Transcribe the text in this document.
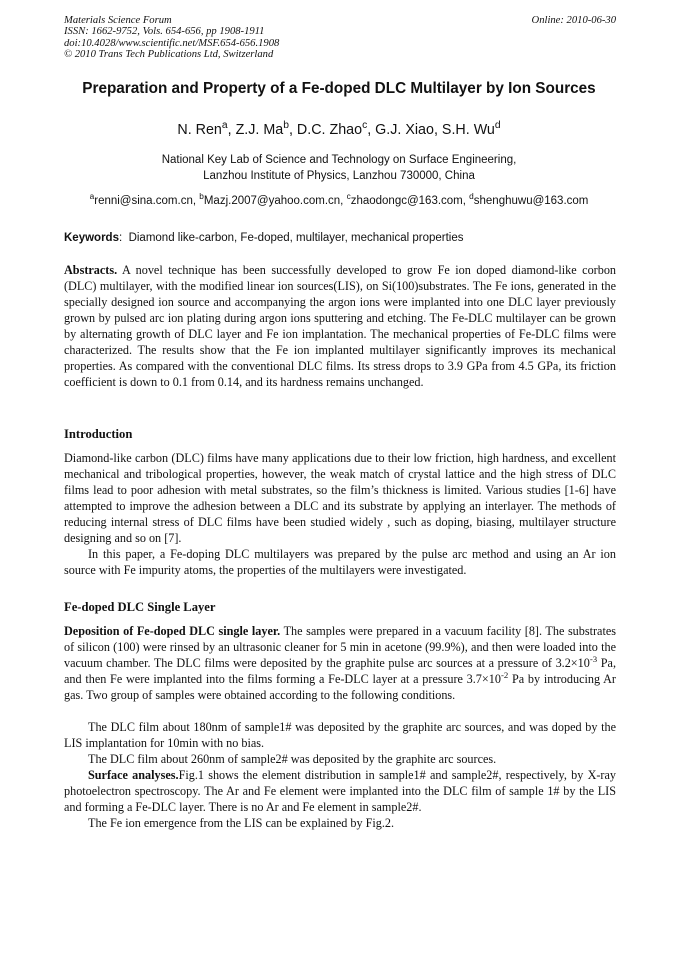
Materials Science Forum
ISSN: 1662-9752, Vols. 654-656, pp 1908-1911
doi:10.4028/www.scientific.net/MSF.654-656.1908
© 2010 Trans Tech Publications Ltd, Switzerland
Online: 2010-06-30
Preparation and Property of a Fe-doped DLC Multilayer by Ion Sources
N. Ren$^a$, Z.J. Ma$^b$, D.C. Zhao$^c$, G.J. Xiao, S.H. Wu$^d$
National Key Lab of Science and Technology on Surface Engineering,
Lanzhou Institute of Physics, Lanzhou 730000, China
$^a$renni@sina.com.cn, $^b$Mazj.2007@yahoo.com.cn, $^c$zhaodongc@163.com, $^d$shenghuwu@163.com
Keywords:  Diamond like-carbon, Fe-doped, multilayer, mechanical properties
Abstracts. A novel technique has been successfully developed to grow Fe ion doped diamond-like corbon (DLC) multilayer, with the modified linear ion sources(LIS), on Si(100)substrates. The Fe ions, generated in the specially designed ion source and accompanying the argon ions were implanted into one DLC layer previously grown by pulsed arc ion plating during argon ions sputtering and etching. The Fe-DLC multilayer can be grown by alternating growth of DLC layer and Fe ion implantation. The mechanical properties of Fe-DLC films were characterized. The results show that the Fe ion implanted multilayer significantly improves its mechanical properties. As compared with the conventional DLC films. Its stress drops to 3.9 GPa from 4.5 GPa, its friction coefficient is down to 0.1 from 0.14, and its hardness remains unchanged.
Introduction
Diamond-like carbon (DLC) films have many applications due to their low friction, high hardness, and excellent mechanical and tribological properties, however, the weak match of crystal lattice and the high stress of DLC films lead to poor adhesion with metal substrates, so the film’s thickness is limited. Various studies [1-6] have attempted to improve the adhesion between a DLC and its substrate by applying an interlayer. The methods of reducing internal stress of DLC films have been studied widely , such as doping, biasing, multilayer structure designing and so on [7].
In this paper, a Fe-doping DLC multilayers was prepared by the pulse arc method and using an Ar ion source with Fe impurity atoms, the properties of the multilayers were investigated.
Fe-doped DLC Single Layer
Deposition of Fe-doped DLC single layer. The samples were prepared in a vacuum facility [8]. The substrates of silicon (100) were rinsed by an ultrasonic cleaner for 5 min in acetone (99.9%), and then were loaded into the vacuum chamber. The DLC films were deposited by the graphite pulse arc sources at a pressure of $3.2\times 10^{-3}$ Pa, and then Fe were implanted into the films forming a Fe-DLC layer at a pressure $3.7\times 10^{-2}$ Pa by introducing Ar gas. Two group of samples were obtained according to the following conditions.
The DLC film about 180nm of sample1# was deposited by the graphite arc sources, and was doped by the LIS implantation for 10min with no bias.
The DLC film about 260nm of sample2# was deposited by the graphite arc sources.
Surface analyses.Fig.1 shows the element distribution in sample1# and sample2#, respectively, by X-ray photoelectron spectroscopy. The Ar and Fe element were implanted into the DLC film of sample 1# by the LIS and forming a Fe-DLC layer. There is no Ar and Fe element in sample2#.
The Fe ion emergence from the LIS can be explained by Fig.2.
